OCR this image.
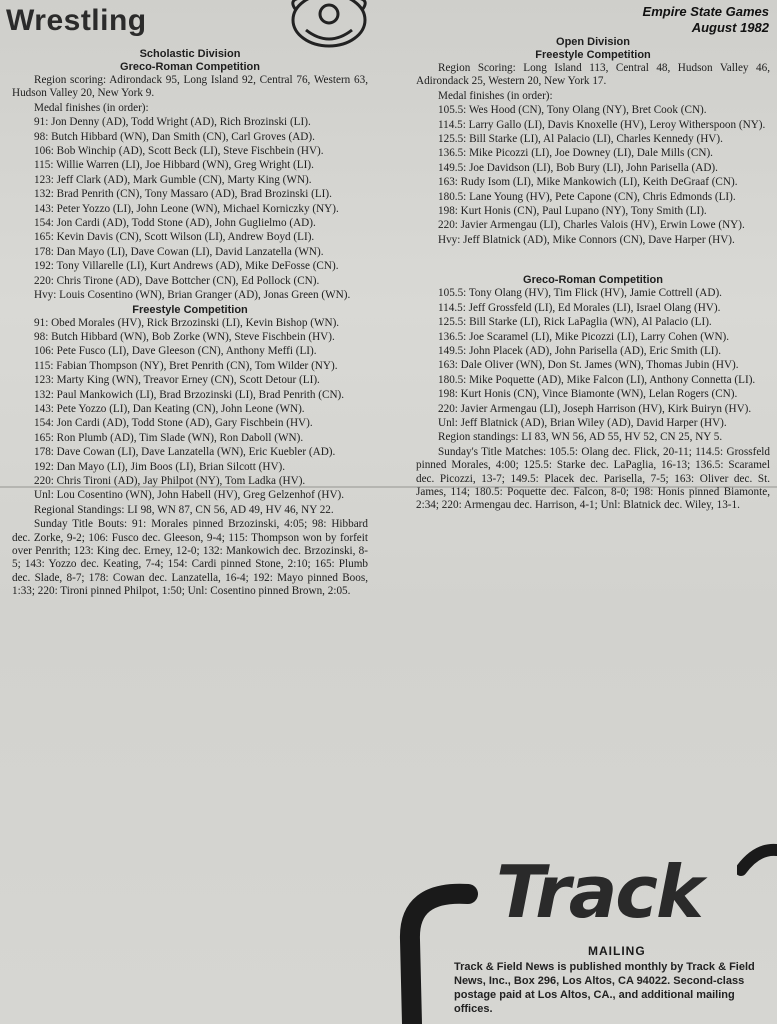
Wrestling	Empire State Games
August 1982
Scholastic Division
Greco-Roman Competition
Region scoring: Adirondack 95, Long Island 92, Central 76, Western 63, Hudson Valley 20, New York 9.
Medal finishes (in order):
91: Jon Denny (AD), Todd Wright (AD), Rich Brozinski (LI).
98: Butch Hibbard (WN), Dan Smith (CN), Carl Groves (AD).
106: Bob Winchip (AD), Scott Beck (LI), Steve Fischbein (HV).
115: Willie Warren (LI), Joe Hibbard (WN), Greg Wright (LI).
123: Jeff Clark (AD), Mark Gumble (CN), Marty King (WN).
132: Brad Penrith (CN), Tony Massaro (AD), Brad Brozinski (LI).
143: Peter Yozzo (LI), John Leone (WN), Michael Korniczky (NY).
154: Jon Cardi (AD), Todd Stone (AD), John Guglielmo (AD).
165: Kevin Davis (CN), Scott Wilson (LI), Andrew Boyd (LI).
178: Dan Mayo (LI), Dave Cowan (LI), David Lanzatella (WN).
192: Tony Villarelle (LI), Kurt Andrews (AD), Mike DeFosse (CN).
220: Chris Tirone (AD), Dave Bottcher (CN), Ed Pollock (CN).
Hvy: Louis Cosentino (WN), Brian Granger (AD), Jonas Green (WN).
Freestyle Competition
91: Obed Morales (HV), Rick Brzozinski (LI), Kevin Bishop (WN).
98: Butch Hibbard (WN), Bob Zorke (WN), Steve Fischbein (HV).
106: Pete Fusco (LI), Dave Gleeson (CN), Anthony Meffi (LI).
115: Fabian Thompson (NY), Bret Penrith (CN), Tom Wilder (NY).
123: Marty King (WN), Treavor Erney (CN), Scott Detour (LI).
132: Paul Mankowich (LI), Brad Brzozinski (LI), Brad Penrith (CN).
143: Pete Yozzo (LI), Dan Keating (CN), John Leone (WN).
154: Jon Cardi (AD), Todd Stone (AD), Gary Fischbein (HV).
165: Ron Plumb (AD), Tim Slade (WN), Ron Daboll (WN).
178: Dave Cowan (LI), Dave Lanzatella (WN), Eric Kuebler (AD).
192: Dan Mayo (LI), Jim Boos (LI), Brian Silcott (HV).
220: Chris Tironi (AD), Jay Philpot (NY), Tom Ladka (HV).
Unl: Lou Cosentino (WN), John Habell (HV), Greg Gelzenhof (HV).
Regional Standings: LI 98, WN 87, CN 56, AD 49, HV 46, NY 22.
Sunday Title Bouts: 91: Morales pinned Brzozinski, 4:05; 98: Hibbard dec. Zorke, 9-2; 106: Fusco dec. Gleeson, 9-4; 115: Thompson won by forfeit over Penrith; 123: King dec. Erney, 12-0; 132: Mankowich dec. Brzozinski, 8-5; 143: Yozzo dec. Keating, 7-4; 154: Cardi pinned Stone, 2:10; 165: Plumb dec. Slade, 8-7; 178: Cowan dec. Lanzatella, 16-4; 192: Mayo pinned Boos, 1:33; 220: Tironi pinned Philpot, 1:50; Unl: Cosentino pinned Brown, 2:05.
Open Division
Freestyle Competition
Region Scoring: Long Island 113, Central 48, Hudson Valley 46, Adirondack 25, Western 20, New York 17.
Medal finishes (in order):
105.5: Wes Hood (CN), Tony Olang (NY), Bret Cook (CN).
114.5: Larry Gallo (LI), Davis Knoxelle (HV), Leroy Witherspoon (NY).
125.5: Bill Starke (LI), Al Palacio (LI), Charles Kennedy (HV).
136.5: Mike Picozzi (LI), Joe Downey (LI), Dale Mills (CN).
149.5: Joe Davidson (LI), Bob Bury (LI), John Parisella (AD).
163: Rudy Isom (LI), Mike Mankowich (LI), Keith DeGraaf (CN).
180.5: Lane Young (HV), Pete Capone (CN), Chris Edmonds (LI).
198: Kurt Honis (CN), Paul Lupano (NY), Tony Smith (LI).
220: Javier Armengau (LI), Charles Valois (HV), Erwin Lowe (NY).
Hvy: Jeff Blatnick (AD), Mike Connors (CN), Dave Harper (HV).
Greco-Roman Competition
105.5: Tony Olang (HV), Tim Flick (HV), Jamie Cottrell (AD).
114.5: Jeff Grossfeld (LI), Ed Morales (LI), Israel Olang (HV).
125.5: Bill Starke (LI), Rick LaPaglia (WN), Al Palacio (LI).
136.5: Joe Scaramel (LI), Mike Picozzi (LI), Larry Cohen (WN).
149.5: John Placek (AD), John Parisella (AD), Eric Smith (LI).
163: Dale Oliver (WN), Don St. James (WN), Thomas Jubin (HV).
180.5: Mike Poquette (AD), Mike Falcon (LI), Anthony Connetta (LI).
198: Kurt Honis (CN), Vince Biamonte (WN), Lelan Rogers (CN).
220: Javier Armengau (LI), Joseph Harrison (HV), Kirk Buiryn (HV).
Unl: Jeff Blatnick (AD), Brian Wiley (AD), David Harper (HV).
Region standings: LI 83, WN 56, AD 55, HV 52, CN 25, NY 5.
Sunday's Title Matches: 105.5: Olang dec. Flick, 20-11; 114.5: Grossfeld pinned Morales, 4:00; 125.5: Starke dec. LaPaglia, 16-13; 136.5: Scaramel dec. Picozzi, 13-7; 149.5: Placek dec. Parisella, 7-5; 163: Oliver dec. St. James, 114; 180.5: Poquette dec. Falcon, 8-0; 198: Honis pinned Biamonte, 2:34; 220: Armengau dec. Harrison, 4-1; Unl: Blatnick dec. Wiley, 13-1.
Track
MAILING
Track & Field News is published monthly by Track & Field News, Inc., Box 296, Los Altos, CA 94022. Second-class postage paid at Los Altos, CA., and additional mailing offices.
